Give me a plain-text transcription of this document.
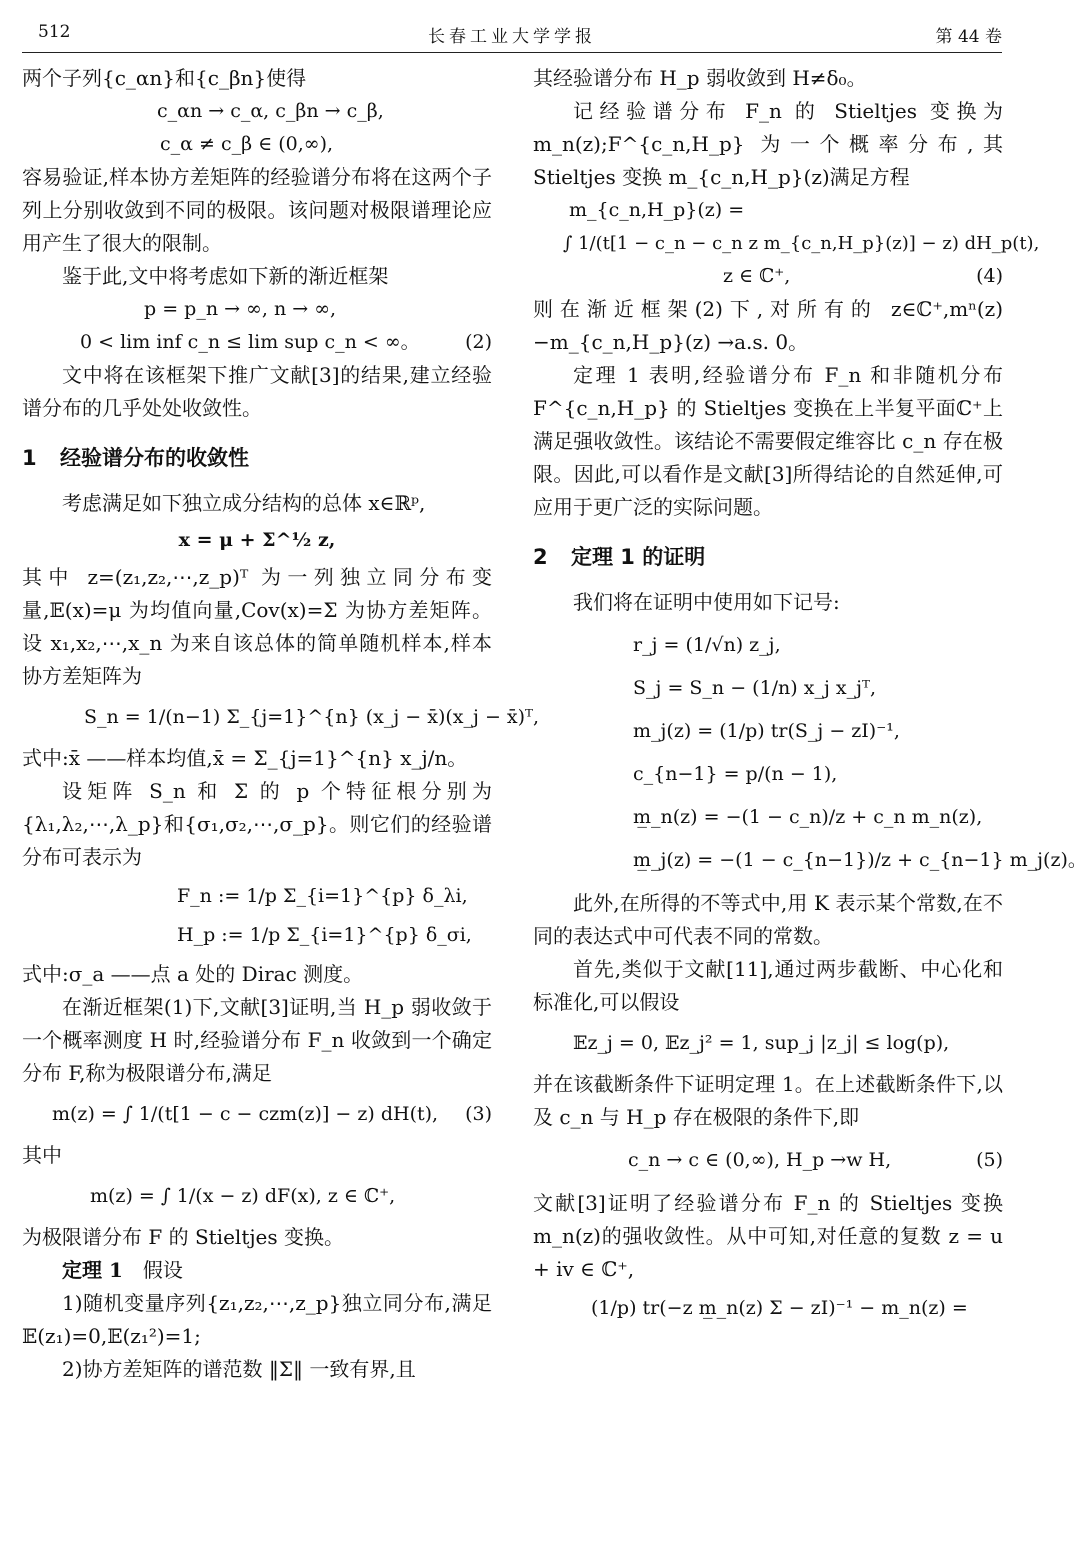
512	长春工业大学学报	第 44 卷

两个子列{c_αn}和{c_βn}使得

c_αn → c_α, c_βn → c_β,

c_α ≠ c_β ∈ (0,∞),

容易验证,样本协方差矩阵的经验谱分布将在这两个子列上分别收敛到不同的极限。该问题对极限谱理论应用产生了很大的限制。

鉴于此,文中将考虑如下新的渐近框架

p = p_n → ∞, n → ∞,

0 < lim inf c_n ≤ lim sup c_n < ∞。 (2)

文中将在该框架下推广文献[3]的结果,建立经验谱分布的几乎处处收敛性。

1 经验谱分布的收敛性

考虑满足如下独立成分结构的总体 x∈ℝᵖ,

x = μ + Σ^½ z,

其中 z=(z₁,z₂,⋯,z_p)ᵀ 为一列独立同分布变量,𝔼(x)=μ 为均值向量,Cov(x)=Σ 为协方差矩阵。设 x₁,x₂,⋯,x_n 为来自该总体的简单随机样本,样本协方差矩阵为

S_n = 1/(n−1) Σ_{j=1}^{n} (x_j − x̄)(x_j − x̄)ᵀ,

式中:x̄ ——样本均值,x̄ = Σ_{j=1}^{n} x_j/n。

设矩阵 S_n 和 Σ 的 p 个特征根分别为{λ₁,λ₂,⋯,λ_p}和{σ₁,σ₂,⋯,σ_p}。则它们的经验谱分布可表示为

F_n := 1/p Σ_{i=1}^{p} δ_λi,

H_p := 1/p Σ_{i=1}^{p} δ_σi,

式中:σ_a ——点 a 处的 Dirac 测度。

在渐近框架(1)下,文献[3]证明,当 H_p 弱收敛于一个概率测度 H 时,经验谱分布 F_n 收敛到一个确定分布 F,称为极限谱分布,满足

m(z) = ∫ 1/(t[1 − c − czm(z)] − z) dH(t), (3)

其中

m(z) = ∫ 1/(x − z) dF(x), z ∈ ℂ⁺,

为极限谱分布 F 的 Stieltjes 变换。

定理 1　 假设

1)随机变量序列{z₁,z₂,⋯,z_p}独立同分布,满足𝔼(z₁)=0,𝔼(z₁²)=1;

2)协方差矩阵的谱范数 ‖Σ‖ 一致有界,且

其经验谱分布 H_p 弱收敛到 H≠δ₀。

记经验谱分布 F_n 的 Stieltjes 变换为m_n(z);F^{c_n,H_p} 为一个概率分布,其 Stieltjes 变换 m_{c_n,H_p}(z)满足方程

m_{c_n,H_p}(z) =

∫ 1/(t[1 − c_n − c_n z m_{c_n,H_p}(z)] − z) dH_p(t),

z ∈ ℂ⁺,	(4)

则在渐近框架(2)下,对所有的 z∈ℂ⁺,mⁿ(z)−m_{c_n,H_p}(z) →a.s. 0。

定理 1 表明,经验谱分布 F_n 和非随机分布 F^{c_n,H_p} 的 Stieltjes 变换在上半复平面ℂ⁺上满足强收敛性。该结论不需要假定维容比 c_n 存在极限。因此,可以看作是文献[3]所得结论的自然延伸,可应用于更广泛的实际问题。

2 定理 1 的证明

我们将在证明中使用如下记号:

r_j = (1/√n) z_j,

S_j = S_n − (1/n) x_j x_jᵀ,

m_j(z) = (1/p) tr(S_j − zI)⁻¹,

c_{n−1} = p/(n − 1),

m̲_n(z) = −(1 − c_n)/z + c_n m_n(z),

m̲_j(z) = −(1 − c_{n−1})/z + c_{n−1} m_j(z)。

此外,在所得的不等式中,用 K 表示某个常数,在不同的表达式中可代表不同的常数。

首先,类似于文献[11],通过两步截断、中心化和标准化,可以假设

𝔼z_j = 0, 𝔼z_j² = 1, sup_j |z_j| ≤ log(p),

并在该截断条件下证明定理 1。在上述截断条件下,以及 c_n 与 H_p 存在极限的条件下,即

c_n → c ∈ (0,∞), H_p →w H,	(5)

文献[3]证明了经验谱分布 F_n 的 Stieltjes 变换 m_n(z)的强收敛性。从中可知,对任意的复数 z = u + iv ∈ ℂ⁺,

(1/p) tr(−z m̲_n(z) Σ − zI)⁻¹ − m_n(z) =
